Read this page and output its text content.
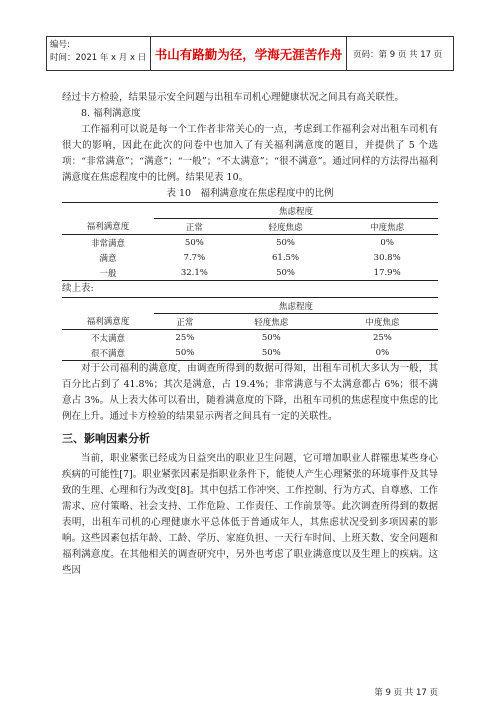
编号:
时间：2021 年 x 月 x 日 书山有路勤为径，学海无涯苦作舟	页码：第 9 页 共 17 页

经过卡方检验，结果显示安全问题与出租车司机心理健康状况之间具有高关联性。

8. 福利满意度

工作福利可以说是每一个工作者非常关心的一点，考虑到工作福利会对出租车司机有很大的影响，因此在此次的问卷中也加入了有关福利满意度的题目，并提供了 5 个选项：“非常满意”；“满意”；“一般”；“不太满意”；“很不满意”。通过同样的方法得出福利满意度在焦虑程度中的比例。结果见表 10。

表 10　福利满意度在焦虑程度中的比例

	焦虑程度		
福利满意度	正常	轻度焦虑	中度焦虑
非常满意	50%	50%	0%
满意	7.7%	61.5%	30.8%
一般	32.1%	50%	17.9%

续上表:

	焦虑程度		
福利满意度	正常	轻度焦虑	中度焦虑
不太满意	25%	50%	25%
很不满意	50%	50%	0%

对于公司福利的满意度，由调查所得到的数据可得知，出租车司机大多认为一般，其百分比占到了 41.8%；其次是满意，占 19.4%；非常满意与不太满意都占 6%；很不满意占 3%。从上表大体可以看出，随着满意度的下降，出租车司机的焦虑程度中焦虑的比例在上升。通过卡方检验的结果显示两者之间具有一定的关联性。

三、影响因素分析

当前，职业紧张已经成为日益突出的职业卫生问题，它可增加职业人群罹患某些身心疾病的可能性[7]。职业紧张因素是指职业条件下，能使人产生心理紧张的环境事件及其导致的生理、心理和行为改变[8]。其中包括工作冲突、工作控制、行为方式、自尊感、工作需求、应付策略、社会支持、工作危险、工作责任、工作前景等。此次调查所得到的数据表明，出租车司机的心理健康水平总体低于普通成年人，其焦虑状况受到多项因素的影响。这些因素包括年龄、工龄、学历、家庭负担、一天行车时间、上班天数、安全问题和福利满意度。在其他相关的调查研究中，另外也考虑了职业满意度以及生理上的疾病。这些因

第 9 页 共 17 页
